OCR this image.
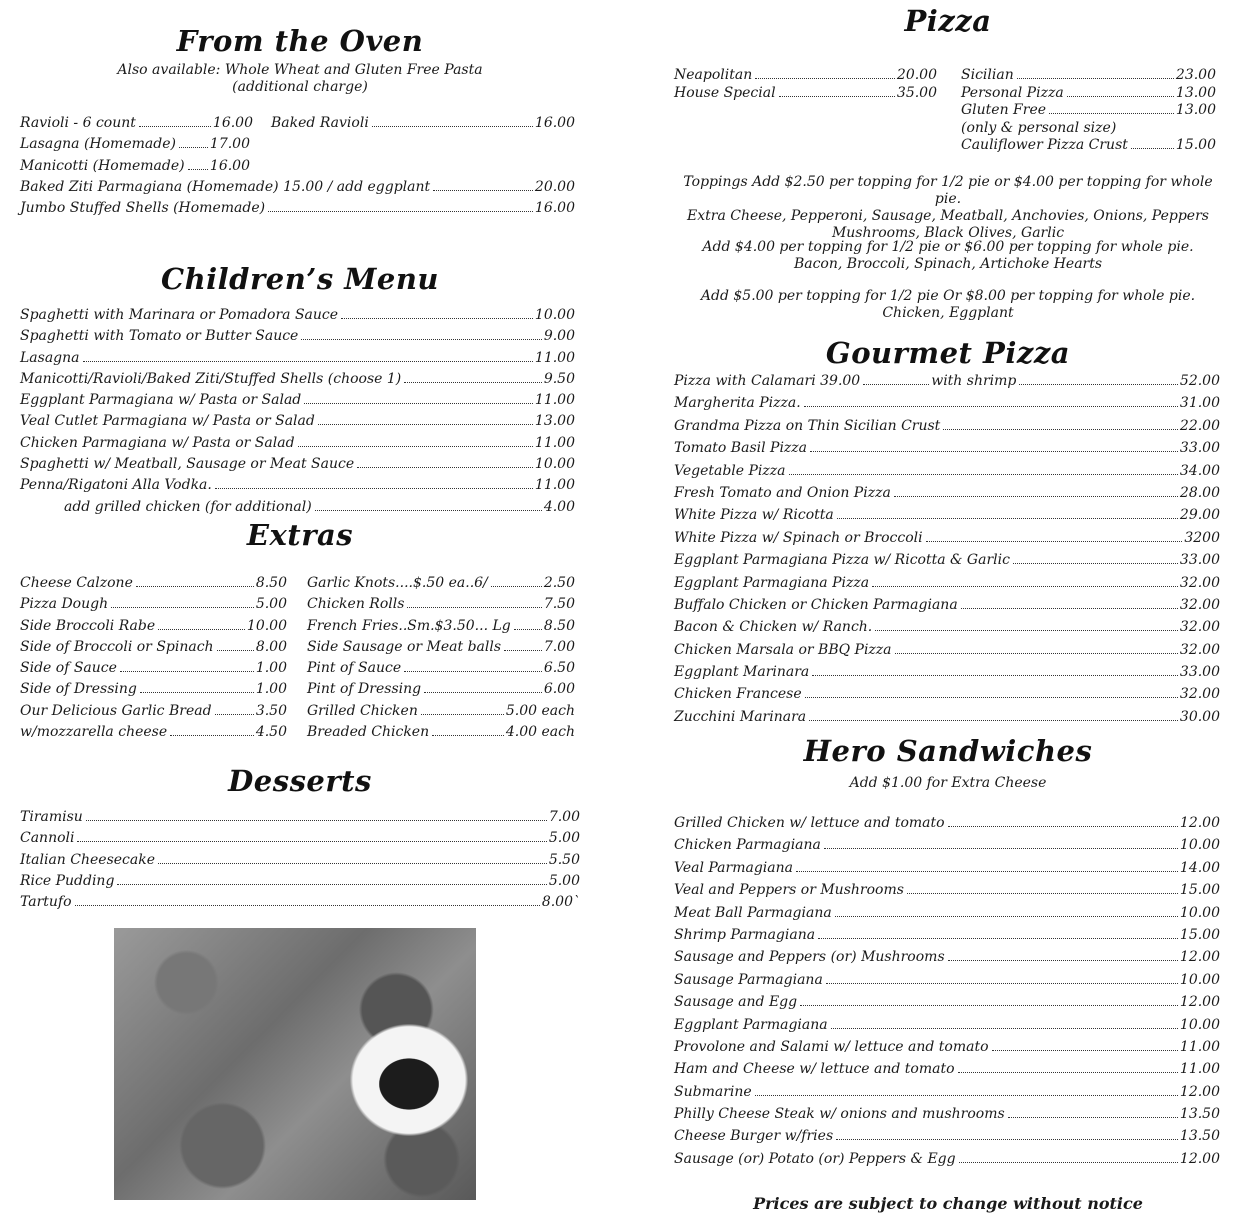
From the Oven
Also available: Whole Wheat and Gluten Free Pasta
(additional charge)
Ravioli - 6 count	16.00 Baked Ravioli	16.00
Lasagna (Homemade) 17.00
Manicotti (Homemade) 16.00
Baked Ziti Parmagiana (Homemade) 15.00 / add eggplant	20.00
Jumbo Stuffed Shells (Homemade)	16.00
Children’s Menu
Spaghetti with Marinara or Pomadora Sauce	10.00
Spaghetti with Tomato or Butter Sauce	9.00
Lasagna	11.00
Manicotti/Ravioli/Baked Ziti/Stuffed Shells (choose 1)	9.50
Eggplant Parmagiana w/ Pasta or Salad	11.00
Veal Cutlet Parmagiana w/ Pasta or Salad	13.00
Chicken Parmagiana w/ Pasta or Salad	11.00
Spaghetti w/ Meatball, Sausage or Meat Sauce	10.00
Penna/Rigatoni Alla Vodka.	11.00
add grilled chicken (for additional)	4.00
Extras
Cheese Calzone	8.50
Pizza Dough	5.00
Side Broccoli Rabe	10.00
Side of Broccoli or Spinach	8.00
Side of Sauce	1.00
Side of Dressing	1.00
Our Delicious Garlic Bread	3.50
w/mozzarella cheese	4.50
Garlic Knots....$.50 ea..6/	2.50
Chicken Rolls	7.50
French Fries..Sm.$3.50... Lg 8.50
Side Sausage or Meat balls	7.00
Pint of Sauce	6.50
Pint of Dressing	6.00
Grilled Chicken	5.00 each
Breaded Chicken	4.00 each
Desserts
Tiramisu	7.00
Cannoli	5.00
Italian Cheesecake	5.50
Rice Pudding	5.00
Tartufo	8.00`
Pizza
Neapolitan	20.00
House Special	35.00
Sicilian	23.00
Personal Pizza	13.00
Gluten Free	13.00
(only & personal size)
Cauliflower Pizza Crust	15.00
Toppings Add $2.50 per topping for 1/2 pie or $4.00 per topping for whole pie.
Extra Cheese, Pepperoni, Sausage, Meatball, Anchovies, Onions, Peppers
Mushrooms, Black Olives, Garlic
Add $4.00 per topping for 1/2 pie or $6.00 per topping for whole pie.
Bacon, Broccoli, Spinach, Artichoke Hearts
Add $5.00 per topping for 1/2 pie Or $8.00 per topping for whole pie.
Chicken, Eggplant
Gourmet Pizza
Pizza with Calamari 39.00	with shrimp	52.00
Margherita Pizza.	31.00
Grandma Pizza on Thin Sicilian Crust	22.00
Tomato Basil Pizza	33.00
Vegetable Pizza	34.00
Fresh Tomato and Onion Pizza	28.00
White Pizza w/ Ricotta	29.00
White Pizza w/ Spinach or Broccoli	3200
Eggplant Parmagiana Pizza w/ Ricotta & Garlic	33.00
Eggplant Parmagiana Pizza	32.00
Buffalo Chicken or Chicken Parmagiana	32.00
Bacon & Chicken w/ Ranch.	32.00
Chicken Marsala or BBQ Pizza	32.00
Eggplant Marinara	33.00
Chicken Francese	32.00
Zucchini Marinara	30.00
Hero Sandwiches
Add $1.00 for Extra Cheese
Grilled Chicken w/ lettuce and tomato	12.00
Chicken Parmagiana	10.00
Veal Parmagiana	14.00
Veal and Peppers or Mushrooms	15.00
Meat Ball Parmagiana	10.00
Shrimp Parmagiana	15.00
Sausage and Peppers (or) Mushrooms	12.00
Sausage Parmagiana	10.00
Sausage and Egg	12.00
Eggplant Parmagiana	10.00
Provolone and Salami w/ lettuce and tomato	11.00
Ham and Cheese w/ lettuce and tomato	11.00
Submarine	12.00
Philly Cheese Steak w/ onions and mushrooms	13.50
Cheese Burger w/fries	13.50
Sausage (or) Potato (or) Peppers & Egg	12.00
Prices are subject to change without notice
